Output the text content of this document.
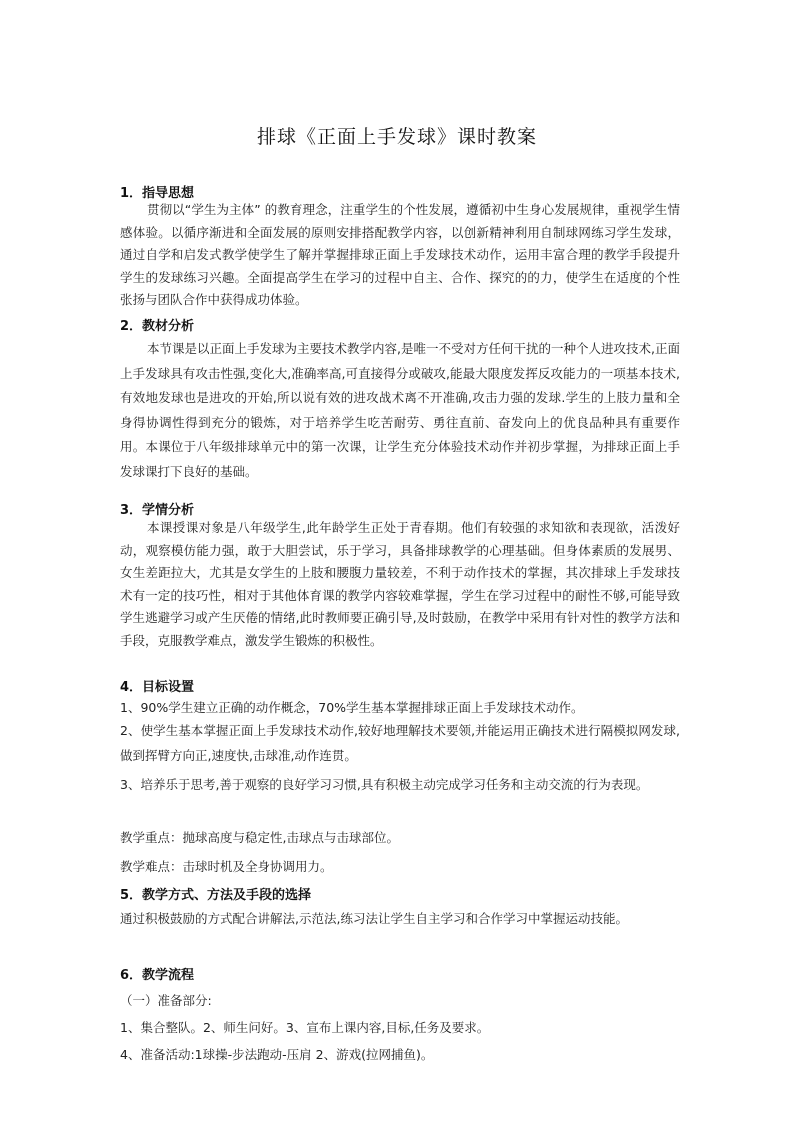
排球《正面上手发球》课时教案
1．指导思想
贯彻以“学生为主体” 的教育理念，注重学生的个性发展，遵循初中生身心发展规律，重视学生情感体验。以循序渐进和全面发展的原则安排搭配教学内容，以创新精神利用自制球网练习学生发球，通过自学和启发式教学使学生了解并掌握排球正面上手发球技术动作，运用丰富合理的教学手段提升学生的发球练习兴趣。全面提高学生在学习的过程中自主、合作、探究的的力，使学生在适度的个性张扬与团队合作中获得成功体验。
2．教材分析
本节课是以正面上手发球为主要技术教学内容,是唯一不受对方任何干扰的一种个人进攻技术,正面上手发球具有攻击性强,变化大,准确率高,可直接得分或破攻,能最大限度发挥反攻能力的一项基本技术,有效地发球也是进攻的开始,所以说有效的进攻战术离不开准确,攻击力强的发球.学生的上肢力量和全身得协调性得到充分的锻炼，对于培养学生吃苦耐劳、勇往直前、奋发向上的优良品种具有重要作用。本课位于八年级排球单元中的第一次课，让学生充分体验技术动作并初步掌握，为排球正面上手发球课打下良好的基础。
3．学情分析
本课授课对象是八年级学生,此年龄学生正处于青春期。他们有较强的求知欲和表现欲，活泼好动，观察模仿能力强，敢于大胆尝试，乐于学习，具备排球教学的心理基础。但身体素质的发展男、女生差距拉大，尤其是女学生的上肢和腰腹力量较差，不利于动作技术的掌握，其次排球上手发球技术有一定的技巧性，相对于其他体育课的教学内容较难掌握，学生在学习过程中的耐性不够,可能导致学生逃避学习或产生厌倦的情绪,此时教师要正确引导,及时鼓励，在教学中采用有针对性的教学方法和手段，克服教学难点，激发学生锻炼的积极性。
4．目标设置
1、90%学生建立正确的动作概念，70%学生基本掌握排球正面上手发球技术动作。
2、使学生基本掌握正面上手发球技术动作,较好地理解技术要领,并能运用正确技术进行隔模拟网发球,做到挥臂方向正,速度快,击球准,动作连贯。
3、培养乐于思考,善于观察的良好学习习惯,具有积极主动完成学习任务和主动交流的行为表现。
教学重点：抛球高度与稳定性,击球点与击球部位。
教学难点：击球时机及全身协调用力。
5．教学方式、方法及手段的选择
通过积极鼓励的方式配合讲解法,示范法,练习法让学生自主学习和合作学习中掌握运动技能。
6．教学流程
（一）准备部分:
1、集合整队。2、师生问好。3、宣布上课内容,目标,任务及要求。
4、准备活动:1球操-步法跑动-压肩 2、游戏(拉网捕鱼)。
